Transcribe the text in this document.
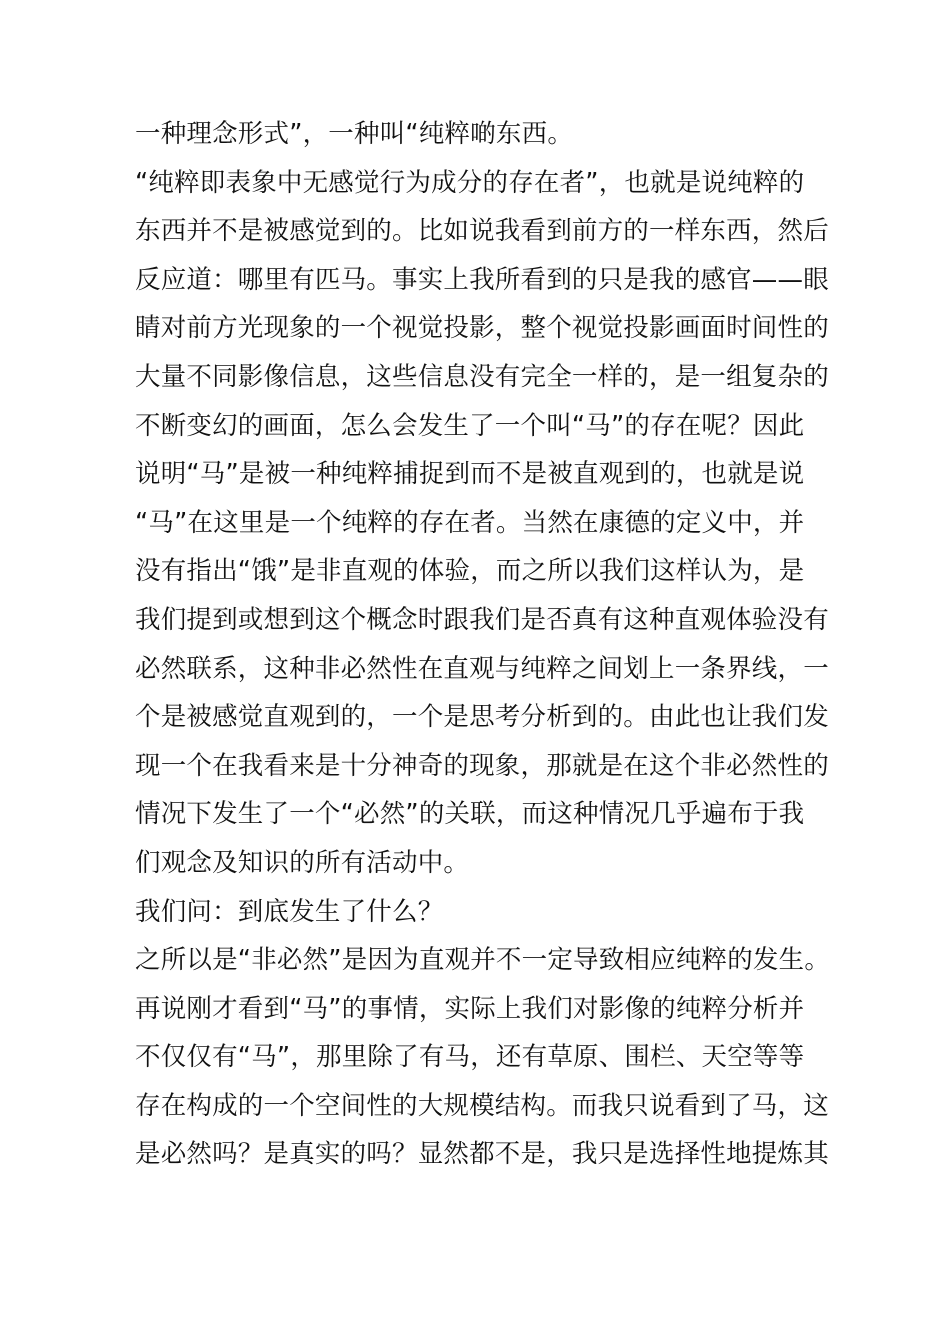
一种理念形式”，一种叫“纯粹啲东西。
“纯粹即表象中无感觉行为成分的存在者”，也就是说纯粹的
东西并不是被感觉到的。比如说我看到前方的一样东西，然后
反应道：哪里有匹马。事实上我所看到的只是我的感官——眼
睛对前方光现象的一个视觉投影，整个视觉投影画面时间性的
大量不同影像信息，这些信息没有完全一样的，是一组复杂的
不断变幻的画面，怎么会发生了一个叫“马”的存在呢？因此
说明“马”是被一种纯粹捕捉到而不是被直观到的，也就是说
“马”在这里是一个纯粹的存在者。当然在康德的定义中，并
没有指出“饿”是非直观的体验，而之所以我们这样认为，是
我们提到或想到这个概念时跟我们是否真有这种直观体验没有
必然联系，这种非必然性在直观与纯粹之间划上一条界线，一
个是被感觉直观到的，一个是思考分析到的。由此也让我们发
现一个在我看来是十分神奇的现象，那就是在这个非必然性的
情况下发生了一个“必然”的关联，而这种情况几乎遍布于我
们观念及知识的所有活动中。
我们问：到底发生了什么？
之所以是“非必然”是因为直观并不一定导致相应纯粹的发生。
再说刚才看到“马”的事情，实际上我们对影像的纯粹分析并
不仅仅有“马”，那里除了有马，还有草原、围栏、天空等等
存在构成的一个空间性的大规模结构。而我只说看到了马，这
是必然吗？是真实的吗？显然都不是，我只是选择性地提炼其
